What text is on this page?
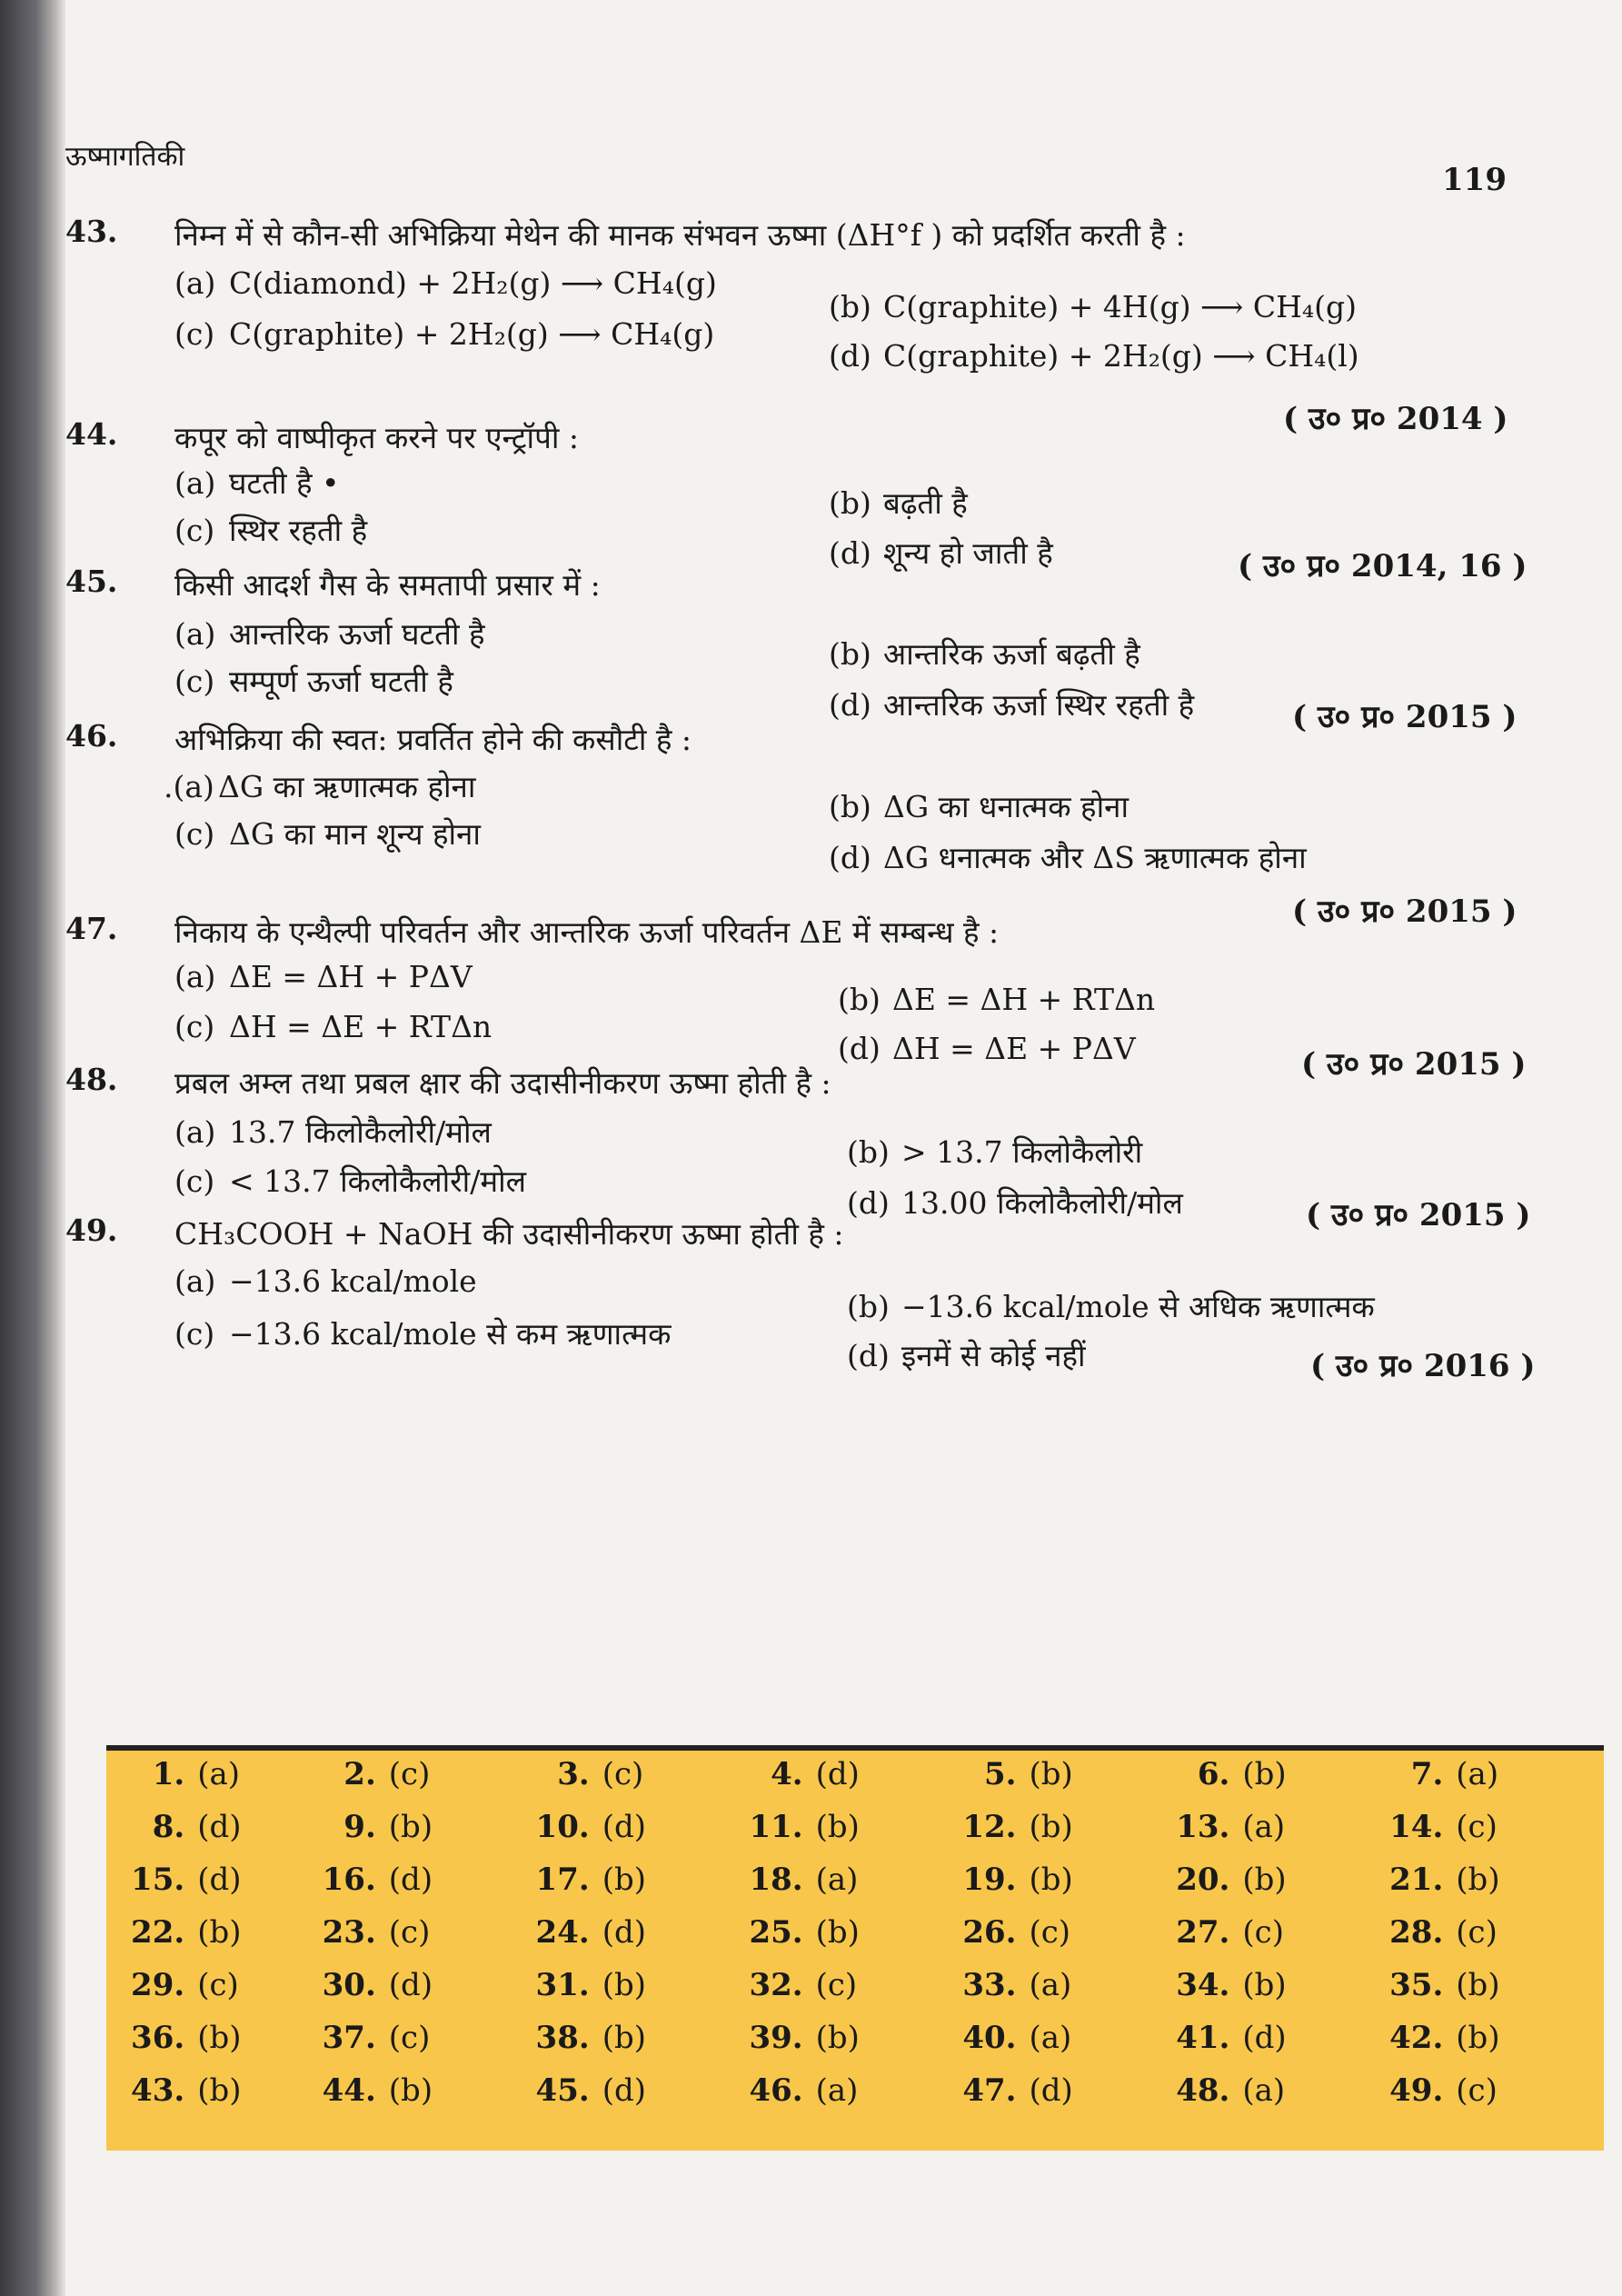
ऊष्मागतिकी
119
43. निम्न में से कौन-सी अभिक्रिया मेथेन की मानक संभवन ऊष्मा (ΔH°f ) को प्रदर्शित करती है :
(a) C(diamond) + 2H₂(g) ⟶ CH₄(g)
(b) C(graphite) + 4H(g) ⟶ CH₄(g)
(c) C(graphite) + 2H₂(g) ⟶ CH₄(g)
(d) C(graphite) + 2H₂(g) ⟶ CH₄(l)
( उ० प्र० 2014 )
44. कपूर को वाष्पीकृत करने पर एन्ट्रॉपी :
(a) घटती है •
(b) बढ़ती है
(c) स्थिर रहती है
(d) शून्य हो जाती है	( उ० प्र० 2014, 16 )
45. किसी आदर्श गैस के समतापी प्रसार में :
(a) आन्तरिक ऊर्जा घटती है
(b) आन्तरिक ऊर्जा बढ़ती है
(c) सम्पूर्ण ऊर्जा घटती है
(d) आन्तरिक ऊर्जा स्थिर रहती है	( उ० प्र० 2015 )
46. अभिक्रिया की स्वत: प्रवर्तित होने की कसौटी है :
.(a) ΔG का ऋणात्मक होना
(b) ΔG का धनात्मक होना
(c) ΔG का मान शून्य होना
(d) ΔG धनात्मक और ΔS ऋणात्मक होना
( उ० प्र० 2015 )
47. निकाय के एन्थैल्पी परिवर्तन और आन्तरिक ऊर्जा परिवर्तन ΔE में सम्बन्ध है :
(a) ΔE = ΔH + PΔV
(b) ΔE = ΔH + RTΔn
(c) ΔH = ΔE + RTΔn
(d) ΔH = ΔE + PΔV	( उ० प्र० 2015 )
48. प्रबल अम्ल तथा प्रबल क्षार की उदासीनीकरण ऊष्मा होती है :
(a) 13.7 किलोकैलोरी/मोल
(b) > 13.7 किलोकैलोरी
(c) < 13.7 किलोकैलोरी/मोल
(d) 13.00 किलोकैलोरी/मोल	( उ० प्र० 2015 )
49. CH₃COOH + NaOH की उदासीनीकरण ऊष्मा होती है :
(a) −13.6 kcal/mole
(b) −13.6 kcal/mole से अधिक ऋणात्मक
(c) −13.6 kcal/mole से कम ऋणात्मक
(d) इनमें से कोई नहीं	( उ० प्र० 2016 )
1. (a)	2. (c)	3. (c)	4. (d)	5. (b)	6. (b)	7. (a)
8. (d)	9. (b)	10. (d)	11. (b)	12. (b)	13. (a)	14. (c)
15. (d)	16. (d)	17. (b)	18. (a)	19. (b)	20. (b)	21. (b)
22. (b)	23. (c)	24. (d)	25. (b)	26. (c)	27. (c)	28. (c)
29. (c)	30. (d)	31. (b)	32. (c)	33. (a)	34. (b)	35. (b)
36. (b)	37. (c)	38. (b)	39. (b)	40. (a)	41. (d)	42. (b)
43. (b)	44. (b)	45. (d)	46. (a)	47. (d)	48. (a)	49. (c)
